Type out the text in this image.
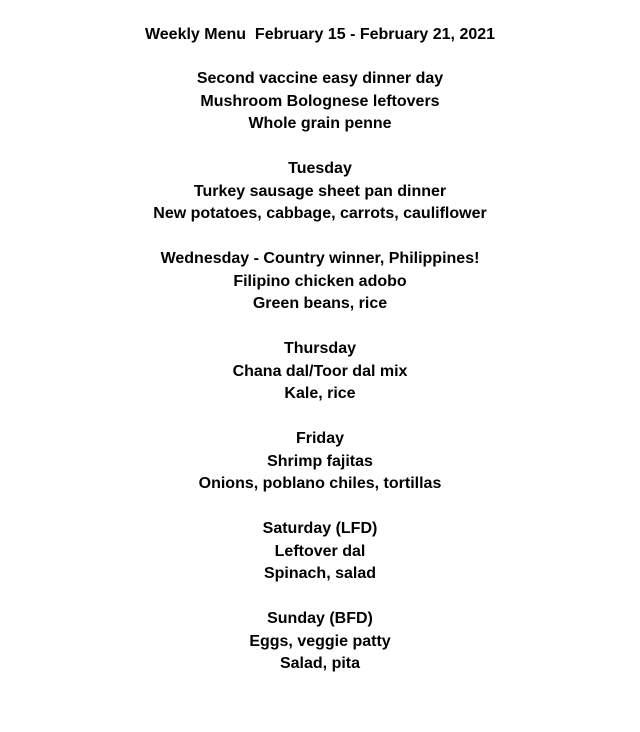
Weekly Menu  February 15 - February 21, 2021
Second vaccine easy dinner day
Mushroom Bolognese leftovers
Whole grain penne
Tuesday
Turkey sausage sheet pan dinner
New potatoes, cabbage, carrots, cauliflower
Wednesday - Country winner, Philippines!
Filipino chicken adobo
Green beans, rice
Thursday
Chana dal/Toor dal mix
Kale, rice
Friday
Shrimp fajitas
Onions, poblano chiles, tortillas
Saturday (LFD)
Leftover dal
Spinach, salad
Sunday (BFD)
Eggs, veggie patty
Salad, pita
